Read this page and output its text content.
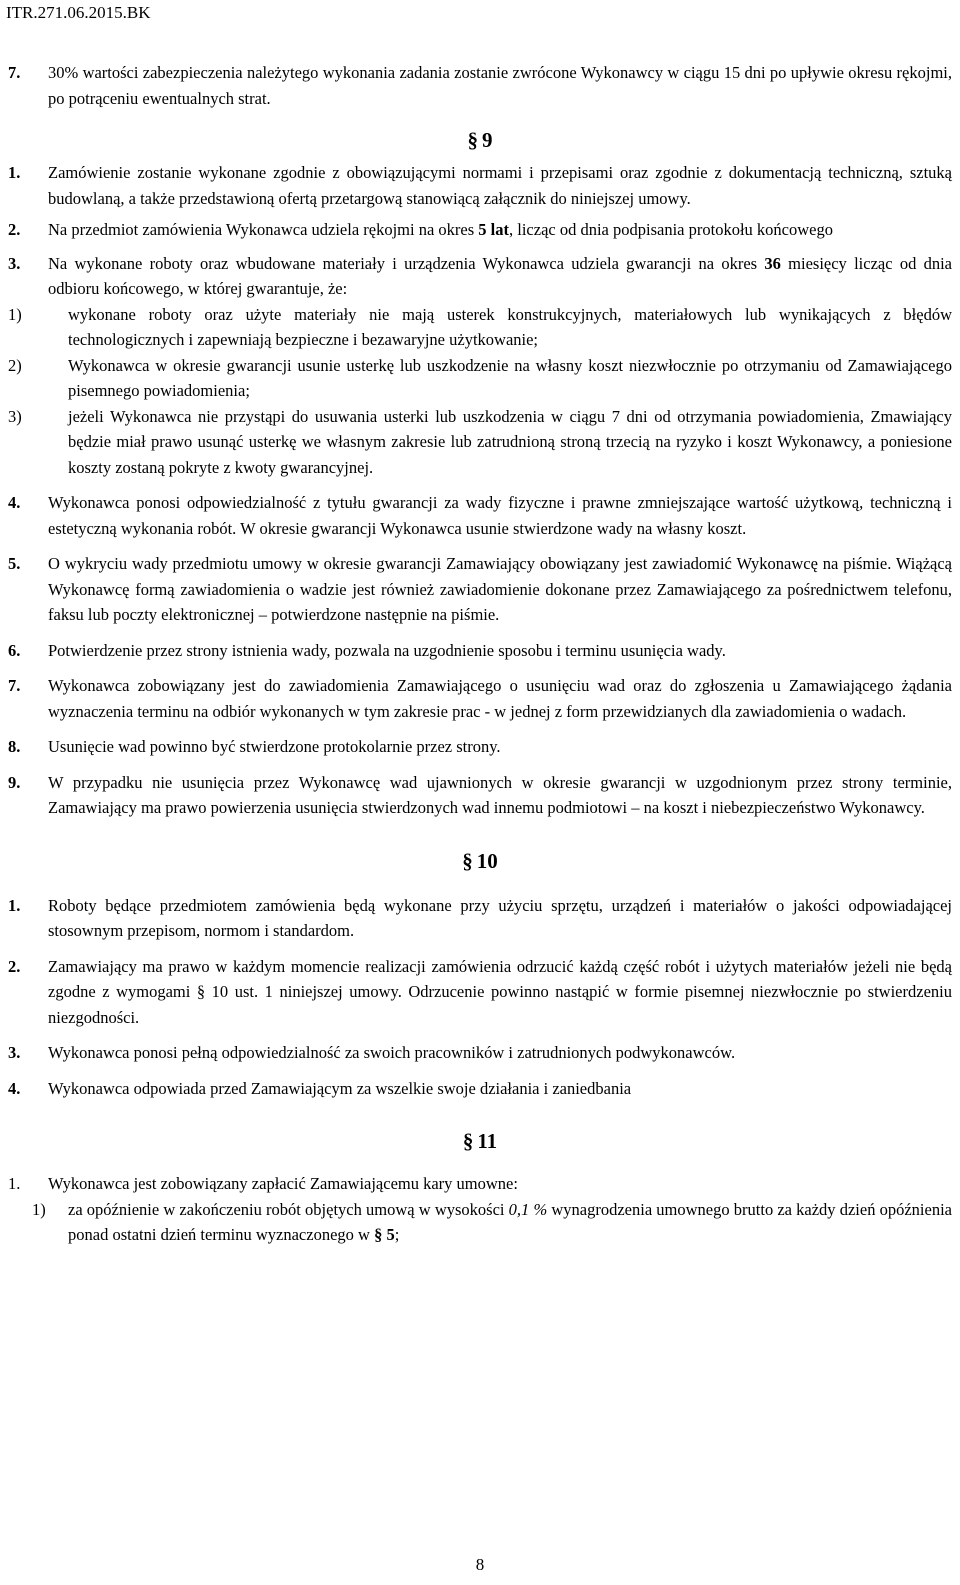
ITR.271.06.2015.BK
7. 30% wartości zabezpieczenia należytego wykonania zadania zostanie zwrócone Wykonawcy w ciągu 15 dni po upływie okresu rękojmi, po potrąceniu ewentualnych strat.
§ 9
1. Zamówienie zostanie wykonane zgodnie z obowiązującymi normami i przepisami oraz zgodnie z dokumentacją techniczną, sztuką budowlaną, a także przedstawioną ofertą przetargową stanowiącą załącznik do niniejszej umowy.
2. Na przedmiot zamówienia Wykonawca udziela rękojmi na okres 5 lat, licząc od dnia podpisania protokołu końcowego
3. Na wykonane roboty oraz wbudowane materiały i urządzenia Wykonawca udziela gwarancji na okres 36 miesięcy licząc od dnia odbioru końcowego, w której gwarantuje, że:
1)	wykonane roboty oraz użyte materiały nie mają usterek konstrukcyjnych, materiałowych lub wynikających z błędów technologicznych i zapewniają bezpieczne i bezawaryjne użytkowanie;
2)	Wykonawca w okresie gwarancji usunie usterkę lub uszkodzenie na własny koszt niezwłocznie po otrzymaniu od Zamawiającego pisemnego powiadomienia;
3)	jeżeli Wykonawca nie przystąpi do usuwania usterki lub uszkodzenia w ciągu 7 dni od otrzymania powiadomienia, Zmawiający będzie miał prawo usunąć usterkę we własnym zakresie lub zatrudnioną stroną trzecią na ryzyko i koszt Wykonawcy, a poniesione koszty zostaną pokryte z kwoty gwarancyjnej.
4. Wykonawca ponosi odpowiedzialność z tytułu gwarancji za wady fizyczne i prawne zmniejszające wartość użytkową, techniczną i estetyczną wykonania robót. W okresie gwarancji Wykonawca usunie stwierdzone wady na własny koszt.
5. O wykryciu wady przedmiotu umowy w okresie gwarancji Zamawiający obowiązany jest zawiadomić Wykonawcę na piśmie. Wiążącą Wykonawcę formą zawiadomienia o wadzie jest również zawiadomienie dokonane przez Zamawiającego za pośrednictwem telefonu, faksu lub poczty elektronicznej – potwierdzone następnie na piśmie.
6. Potwierdzenie przez strony istnienia wady, pozwala na uzgodnienie sposobu i terminu usunięcia wady.
7. Wykonawca zobowiązany jest do zawiadomienia Zamawiającego o usunięciu wad oraz do zgłoszenia u Zamawiającego żądania wyznaczenia terminu na odbiór wykonanych w tym zakresie prac - w jednej z form przewidzianych dla zawiadomienia o wadach.
8. Usunięcie wad powinno być stwierdzone protokolarnie przez strony.
9. W przypadku nie usunięcia przez Wykonawcę wad ujawnionych w okresie gwarancji w uzgodnionym przez strony terminie, Zamawiający ma prawo powierzenia usunięcia stwierdzonych wad innemu podmiotowi – na koszt i niebezpieczeństwo Wykonawcy.
§ 10
1. Roboty będące przedmiotem zamówienia będą wykonane przy użyciu sprzętu, urządzeń i materiałów o jakości odpowiadającej stosownym przepisom, normom i standardom.
2. Zamawiający ma prawo w każdym momencie realizacji zamówienia odrzucić każdą część robót i użytych materiałów jeżeli nie będą zgodne z wymogami § 10 ust. 1 niniejszej umowy. Odrzucenie powinno nastąpić w formie pisemnej niezwłocznie po stwierdzeniu niezgodności.
3. Wykonawca ponosi pełną odpowiedzialność za swoich pracowników i zatrudnionych podwykonawców.
4. Wykonawca odpowiada przed Zamawiającym za wszelkie swoje działania i zaniedbania
§ 11
1. Wykonawca jest zobowiązany zapłacić Zamawiającemu kary umowne:
1) za opóźnienie w zakończeniu robót objętych umową w wysokości 0,1 % wynagrodzenia umownego brutto za każdy dzień opóźnienia ponad ostatni dzień terminu wyznaczonego w § 5;
8
